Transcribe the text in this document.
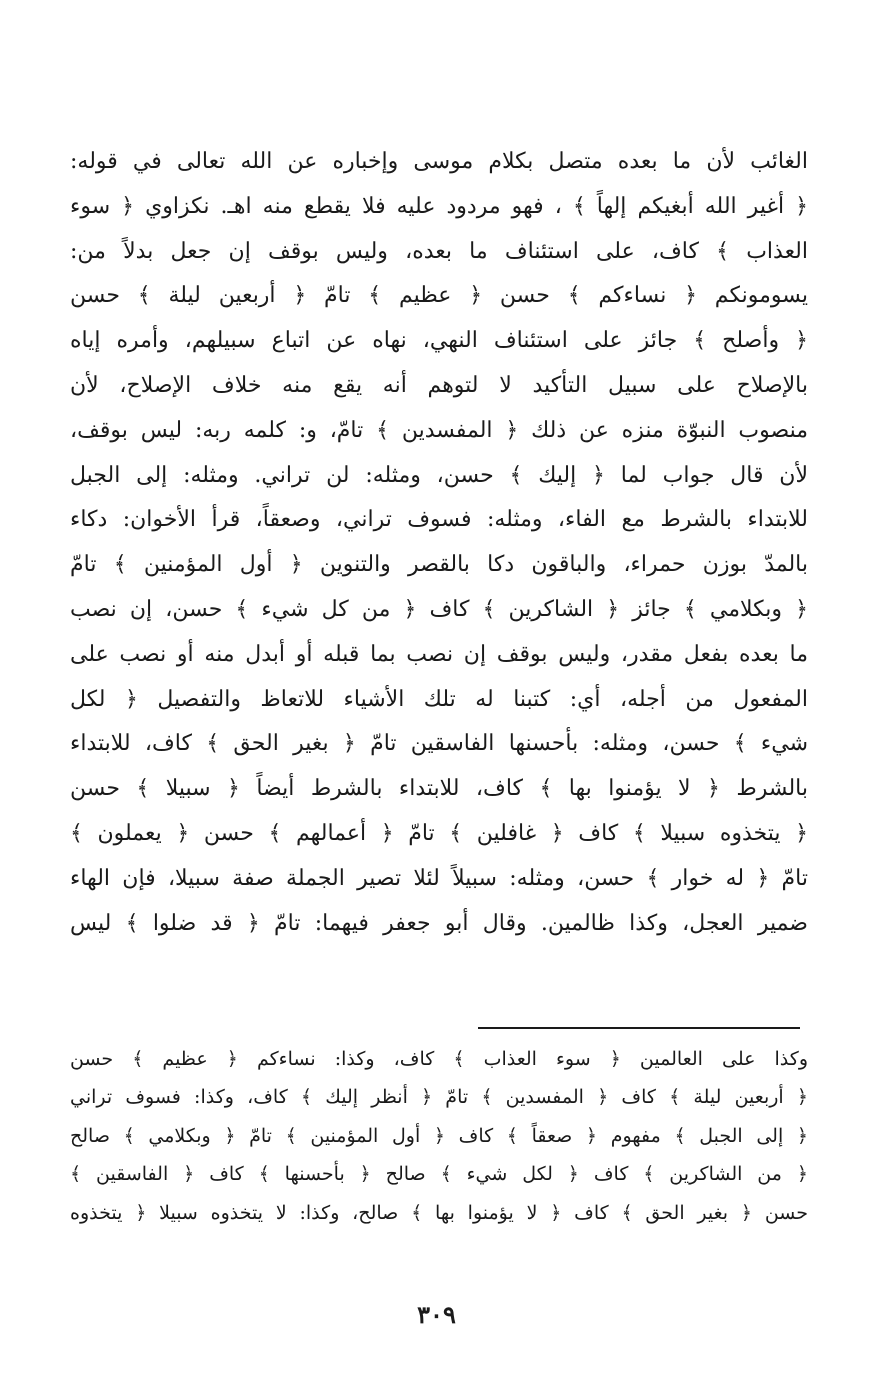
الغائب لأن ما بعده متصل بكلام موسى وإخباره عن الله تعالى في قوله:
﴿ أغير الله أبغيكم إلهاً ﴾ ، فهو مردود عليه فلا يقطع منه اهـ. نكزاوي ﴿ سوء
العذاب ﴾ كاف، على استئناف ما بعده، وليس بوقف إن جعل بدلاً من:
يسومونكم ﴿ نساءكم ﴾ حسن ﴿ عظيم ﴾ تامّ ﴿ أربعين ليلة ﴾ حسن
﴿ وأصلح ﴾ جائز على استئناف النهي، نهاه عن اتباع سبيلهم، وأمره إياه
بالإصلاح على سبيل التأكيد لا لتوهم أنه يقع منه خلاف الإصلاح، لأن
منصوب النبوّة منزه عن ذلك ﴿ المفسدين ﴾ تامّ، و: كلمه ربه: ليس بوقف،
لأن قال جواب لما ﴿ إليك ﴾ حسن، ومثله: لن تراني. ومثله: إلى الجبل
للابتداء بالشرط مع الفاء، ومثله: فسوف تراني، وصعقاً، قرأ الأخوان: دكاء
بالمدّ بوزن حمراء، والباقون دكا بالقصر والتنوين ﴿ أول المؤمنين ﴾ تامّ
﴿ وبكلامي ﴾ جائز ﴿ الشاكرين ﴾ كاف ﴿ من كل شيء ﴾ حسن، إن نصب
ما بعده بفعل مقدر، وليس بوقف إن نصب بما قبله أو أبدل منه أو نصب على
المفعول من أجله، أي: كتبنا له تلك الأشياء للاتعاظ والتفصيل ﴿ لكل
شيء ﴾ حسن، ومثله: بأحسنها الفاسقين تامّ ﴿ بغير الحق ﴾ كاف، للابتداء
بالشرط ﴿ لا يؤمنوا بها ﴾ كاف، للابتداء بالشرط أيضاً ﴿ سبيلا ﴾ حسن
﴿ يتخذوه سبيلا ﴾ كاف ﴿ غافلين ﴾ تامّ ﴿ أعمالهم ﴾ حسن ﴿ يعملون ﴾
تامّ ﴿ له خوار ﴾ حسن، ومثله: سبيلاً لئلا تصير الجملة صفة سبيلا، فإن الهاء
ضمير العجل، وكذا ظالمين. وقال أبو جعفر فيهما: تامّ ﴿ قد ضلوا ﴾ ليس
وكذا على العالمين ﴿ سوء العذاب ﴾ كاف، وكذا: نساءكم ﴿ عظيم ﴾ حسن
﴿ أربعين ليلة ﴾ كاف ﴿ المفسدين ﴾ تامّ ﴿ أنظر إليك ﴾ كاف، وكذا: فسوف تراني
﴿ إلى الجبل ﴾ مفهوم ﴿ صعقاً ﴾ كاف ﴿ أول المؤمنين ﴾ تامّ ﴿ وبكلامي ﴾ صالح
﴿ من الشاكرين ﴾ كاف ﴿ لكل شيء ﴾ صالح ﴿ بأحسنها ﴾ كاف ﴿ الفاسقين ﴾
حسن ﴿ بغير الحق ﴾ كاف ﴿ لا يؤمنوا بها ﴾ صالح، وكذا: لا يتخذوه سبيلا ﴿ يتخذوه
٣٠٩
